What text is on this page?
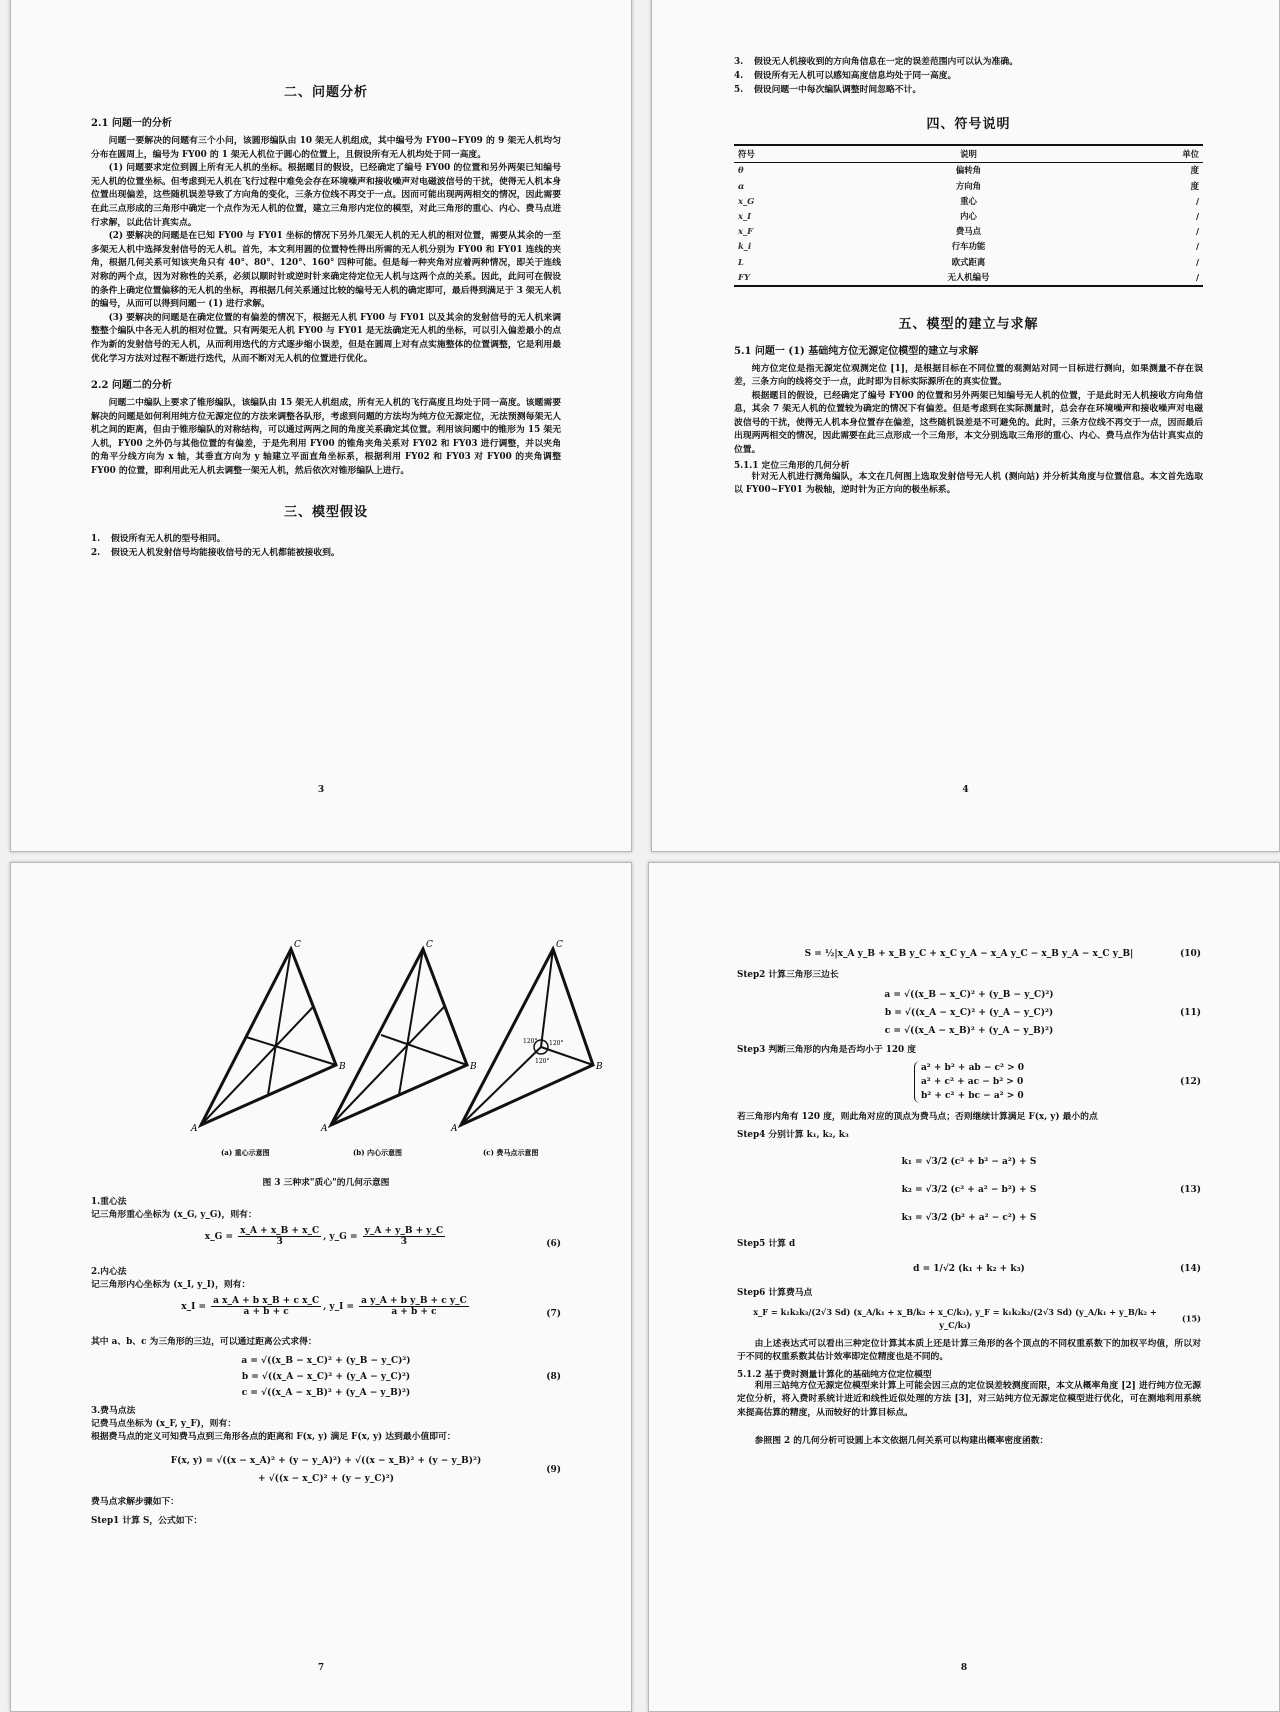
二、问题分析

2.1 问题一的分析

问题一要解决的问题有三个小问，该圆形编队由 10 架无人机组成，其中编号为 FY00~FY09 的 9 架无人机均匀分布在圆周上，编号为 FY00 的 1 架无人机位于圆心的位置上，且假设所有无人机均处于同一高度。

(1) 问题要求定位到圆上所有无人机的坐标。根据题目的假设，已经确定了编号 FY00 的位置和另外两架已知编号无人机的位置坐标。但考虑到无人机在飞行过程中难免会存在环境噪声和接收噪声对电磁波信号的干扰，使得无人机本身位置出现偏差，这些随机误差导致了方向角的变化，三条方位线不再交于一点。因而可能出现两两相交的情况，因此需要在此三点形成的三角形中确定一个点作为无人机的位置，建立三角形内定位的模型，对此三角形的重心、内心、费马点进行求解，以此估计真实点。

(2) 要解决的问题是在已知 FY00 与 FY01 坐标的情况下另外几架无人机的无人机的相对位置，需要从其余的一至多架无人机中选择发射信号的无人机。首先，本文利用圆的位置特性得出所需的无人机分别为 FY00 和 FY01 连线的夹角，根据几何关系可知该夹角只有 40°、80°、120°、160° 四种可能。但是每一种夹角对应着两种情况，即关于连线对称的两个点，因为对称性的关系，必须以顺时针或逆时针来确定待定位无人机与这两个点的关系。因此，此问可在假设的条件上确定位置偏移的无人机的坐标，再根据几何关系通过比较的编号无人机的确定即可，最后得到满足于 3 架无人机的编号，从而可以得到问题一 (1) 进行求解。

(3) 要解决的问题是在确定位置的有偏差的情况下，根据无人机 FY00 与 FY01 以及其余的发射信号的无人机来调整整个编队中各无人机的相对位置。只有两架无人机 FY00 与 FY01 是无法确定无人机的坐标，可以引入偏差最小的点作为新的发射信号的无人机，从而利用迭代的方式逐步缩小误差，但是在圆周上对有点实施整体的位置调整，它是利用最优化学习方法对过程不断进行迭代，从而不断对无人机的位置进行优化。

2.2 问题二的分析

问题二中编队上要求了锥形编队，该编队由 15 架无人机组成，所有无人机的飞行高度且均处于同一高度。该题需要解决的问题是如何利用纯方位无源定位的方法来调整各队形，考虑到问题的方法均为纯方位无源定位，无法预测每架无人机之间的距离，但由于锥形编队的对称结构，可以通过两两之间的角度关系确定其位置。利用该问题中的锥形为 15 架无人机，FY00 之外仍与其他位置的有偏差，于是先利用 FY00 的锥角夹角关系对 FY02 和 FY03 进行调整，并以夹角的角平分线方向为 x 轴，其垂直方向为 y 轴建立平面直角坐标系，根据利用 FY02 和 FY03 对 FY00 的夹角调整 FY00 的位置，即利用此无人机去调整一架无人机，然后依次对锥形编队上进行。

三、模型假设
1. 假设所有无人机的型号相同。
2. 假设无人机发射信号均能接收信号的无人机都能被接收到。
3
3. 假设无人机接收到的方向角信息在一定的误差范围内可以认为准确。
4. 假设所有无人机可以感知高度信息均处于同一高度。
5. 假设问题一中每次编队调整时间忽略不计。
四、符号说明
符号	说明	单位
θ	偏转角	度
α	方向角	度
x_G	重心	/
x_I	内心	/
x_F	费马点	/
k_i	行车功能	/
L	欧式距离	/
FY	无人机编号	/
五、模型的建立与求解

5.1 问题一 (1) 基础纯方位无源定位模型的建立与求解

纯方位定位是指无源定位观测定位 [1]，是根据目标在不同位置的观测站对同一目标进行测向，如果测量不存在误差，三条方向的线将交于一点，此时即为目标实际源所在的真实位置。

根据题目的假设，已经确定了编号 FY00 的位置和另外两架已知编号无人机的位置，于是此时无人机接收方向角信息，其余 7 架无人机的位置较为确定的情况下有偏差。但是考虑到在实际测量时，总会存在环境噪声和接收噪声对电磁波信号的干扰，使得无人机本身位置存在偏差，这些随机误差是不可避免的。此时，三条方位线不再交于一点，因而最后出现两两相交的情况，因此需要在此三点形成一个三角形，本文分别选取三角形的重心、内心、费马点作为估计真实点的位置。

5.1.1 定位三角形的几何分析

针对无人机进行测角编队，本文在几何图上选取发射信号无人机 (测向站) 并分析其角度与位置信息。本文首先选取以 FY00~FY01 为极轴，逆时针为正方向的极坐标系。

4
C
B
A
(a) 重心示意图
C
B
A
(b) 内心示意图
120° 120°
120°
C
B
A
(c) 费马点示意图

图 3 三种求"质心"的几何示意图

1.重心法

记三角形重心坐标为 (x_G, y_G)，则有：

x_G = $\frac{x\_A + x\_B + x\_C}{3}$ , y_G = $\frac{y\_A + y\_B + y\_C}{3}$	(6)

2.内心法

记三角形内心坐标为 (x_I, y_I)，则有：

x_I = $\frac{\text{a x\_A + b x\_B + c x\_C}}{a + b + c}$ , y_I = $\frac{\text{a y\_A + b y\_B + c y\_C}}{a + b + c}$	(7)

其中 a、b、c 为三角形的三边，可以通过距离公式求得：

a = √((x_B − x_C)² + (y_B − y_C)²)
b = √((x_A − x_C)² + (y_A − y_C)²)
c = √((x_A − x_B)² + (y_A − y_B)²)
(8)

3.费马点法

记费马点坐标为 (x_F, y_F)，则有：

根据费马点的定义可知费马点到三角形各点的距离和 F(x, y) 满足 F(x, y) 达到最小值即可：

F(x, y) = √((x − x_A)² + (y − y_A)²) + √((x − x_B)² + (y − y_B)²)
+ √((x − x_C)² + (y − y_C)²)
(9)

费马点求解步骤如下：

Step1 计算 S，公式如下：

7
S = ½|x_A y_B + x_B y_C + x_C y_A − x_A y_C − x_B y_A − x_C y_B|	(10)

Step2 计算三角形三边长

a = √((x_B − x_C)² + (y_B − y_C)²)
b = √((x_A − x_C)² + (y_A − y_C)²)
c = √((x_A − x_B)² + (y_A − y_B)²)
(11)

Step3 判断三角形的内角是否均小于 120 度

a² + b² + ab − c² > 0
a² + c² + ac − b² > 0
b² + c² + bc − a² > 0
(12)

若三角形内角有 120 度，则此角对应的顶点为费马点；否则继续计算满足 F(x, y) 最小的点

Step4 分别计算 k₁, k₂, k₃

k₁ = √3/2 (c² + b² − a²) + S
k₂ = √3/2 (c² + a² − b²) + S
k₃ = √3/2 (b² + a² − c²) + S
(13)

Step5 计算 d

d = 1/√2 (k₁ + k₂ + k₃)	(14)

Step6 计算费马点

x_F = k₁k₂k₃/(2√3 Sd) (x_A/k₁ + x_B/k₂ + x_C/k₃), y_F = k₁k₂k₃/(2√3 Sd) (y_A/k₁ + y_B/k₂ + y_C/k₃)
(15)

由上述表达式可以看出三种定位计算其本质上还是计算三角形的各个顶点的不同权重系数下的加权平均值，所以对于不同的权重系数其估计效率即定位精度也是不同的。

5.1.2 基于费时测量计算化的基础纯方位定位模型

利用三站纯方位无源定位模型来计算上可能会因三点的定位误差较测度而限，本文从概率角度 [2] 进行纯方位无源定位分析，将入费时系统计进近和线性近似处理的方法 [3]，对三站纯方位无源定位模型进行优化，可在测地利用系统来提高估算的精度，从而较好的计算目标点。

参照图 2 的几何分析可设圆上本文依据几何关系可以构建出概率密度函数：

8
